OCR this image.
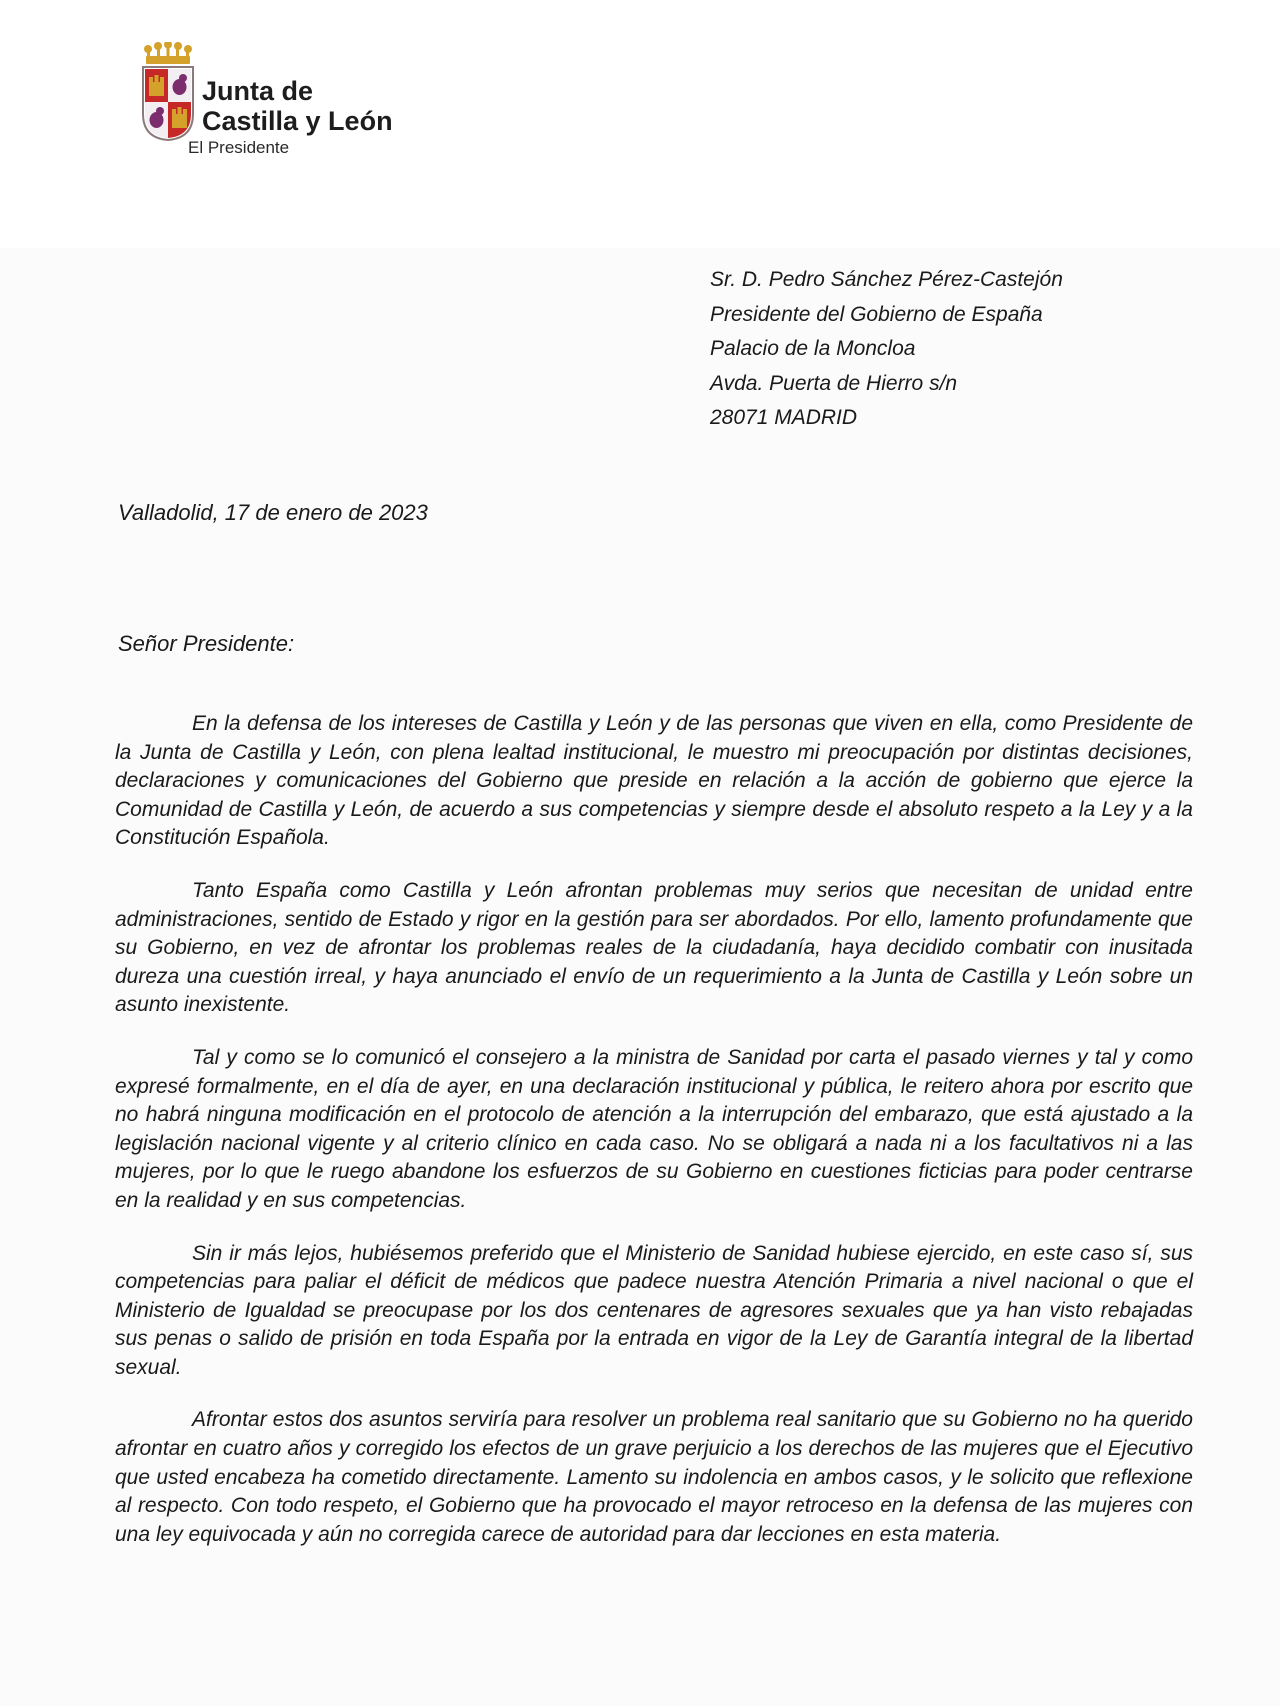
Junta de
Castilla y León
El Presidente
Sr. D. Pedro Sánchez Pérez-Castejón
Presidente del Gobierno de España
Palacio de la Moncloa
Avda. Puerta de Hierro s/n
28071 MADRID
Valladolid, 17 de enero de 2023
Señor Presidente:

En la defensa de los intereses de Castilla y León y de las personas que viven en ella, como Presidente de la Junta de Castilla y León, con plena lealtad institucional, le muestro mi preocupación por distintas decisiones, declaraciones y comunicaciones del Gobierno que preside en relación a la acción de gobierno que ejerce la Comunidad de Castilla y León, de acuerdo a sus competencias y siempre desde el absoluto respeto a la Ley y a la Constitución Española.

Tanto España como Castilla y León afrontan problemas muy serios que necesitan de unidad entre administraciones, sentido de Estado y rigor en la gestión para ser abordados. Por ello, lamento profundamente que su Gobierno, en vez de afrontar los problemas reales de la ciudadanía, haya decidido combatir con inusitada dureza una cuestión irreal, y haya anunciado el envío de un requerimiento a la Junta de Castilla y León sobre un asunto inexistente.

Tal y como se lo comunicó el consejero a la ministra de Sanidad por carta el pasado viernes y tal y como expresé formalmente, en el día de ayer, en una declaración institucional y pública, le reitero ahora por escrito que no habrá ninguna modificación en el protocolo de atención a la interrupción del embarazo, que está ajustado a la legislación nacional vigente y al criterio clínico en cada caso. No se obligará a nada ni a los facultativos ni a las mujeres, por lo que le ruego abandone los esfuerzos de su Gobierno en cuestiones ficticias para poder centrarse en la realidad y en sus competencias.

Sin ir más lejos, hubiésemos preferido que el Ministerio de Sanidad hubiese ejercido, en este caso sí, sus competencias para paliar el déficit de médicos que padece nuestra Atención Primaria a nivel nacional o que el Ministerio de Igualdad se preocupase por los dos centenares de agresores sexuales que ya han visto rebajadas sus penas o salido de prisión en toda España por la entrada en vigor de la Ley de Garantía integral de la libertad sexual.

Afrontar estos dos asuntos serviría para resolver un problema real sanitario que su Gobierno no ha querido afrontar en cuatro años y corregido los efectos de un grave perjuicio a los derechos de las mujeres que el Ejecutivo que usted encabeza ha cometido directamente. Lamento su indolencia en ambos casos, y le solicito que reflexione al respecto. Con todo respeto, el Gobierno que ha provocado el mayor retroceso en la defensa de las mujeres con una ley equivocada y aún no corregida carece de autoridad para dar lecciones en esta materia.
